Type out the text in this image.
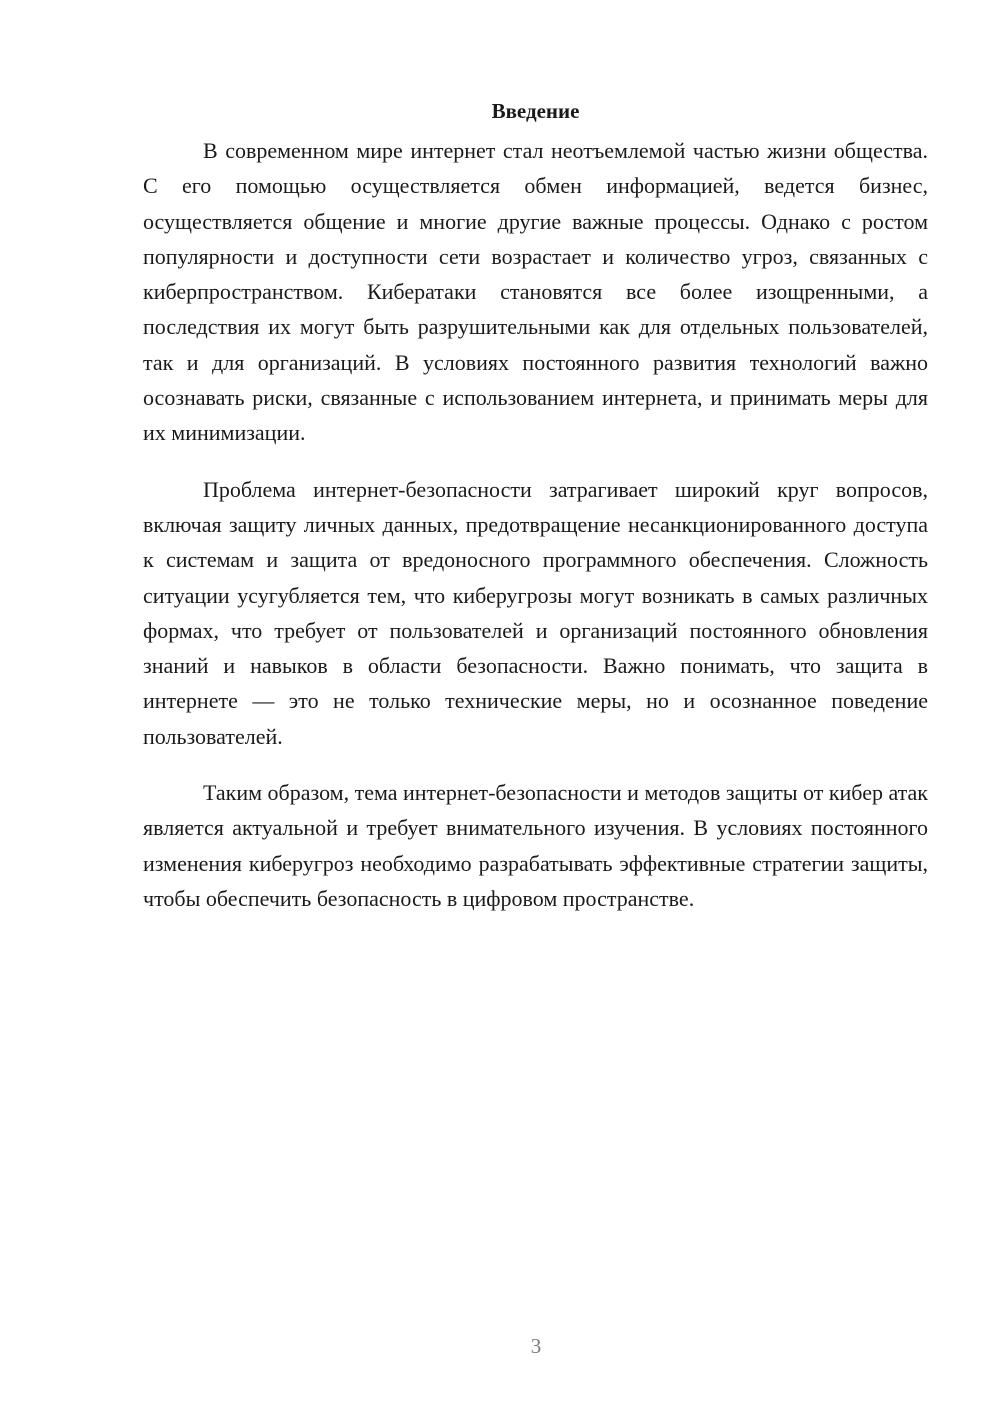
Введение

В современном мире интернет стал неотъемлемой частью жизни общества. С его помощью осуществляется обмен информацией, ведется бизнес, осуществляется общение и многие другие важные процессы. Однако с ростом популярности и доступности сети возрастает и количество угроз, связанных с киберпространством. Кибератаки становятся все более изощренными, а последствия их могут быть разрушительными как для отдельных пользователей, так и для организаций. В условиях постоянного развития технологий важно осознавать риски, связанные с использованием интернета, и принимать меры для их минимизации.

Проблема интернет-безопасности затрагивает широкий круг вопросов, включая защиту личных данных, предотвращение несанкционированного доступа к системам и защита от вредоносного программного обеспечения. Сложность ситуации усугубляется тем, что киберугрозы могут возникать в самых различных формах, что требует от пользователей и организаций постоянного обновления знаний и навыков в области безопасности. Важно понимать, что защита в интернете — это не только технические меры, но и осознанное поведение пользователей.

Таким образом, тема интернет-безопасности и методов защиты от кибер атак является актуальной и требует внимательного изучения. В условиях постоянного изменения киберугроз необходимо разрабатывать эффективные стратегии защиты, чтобы обеспечить безопасность в цифровом пространстве.

3
